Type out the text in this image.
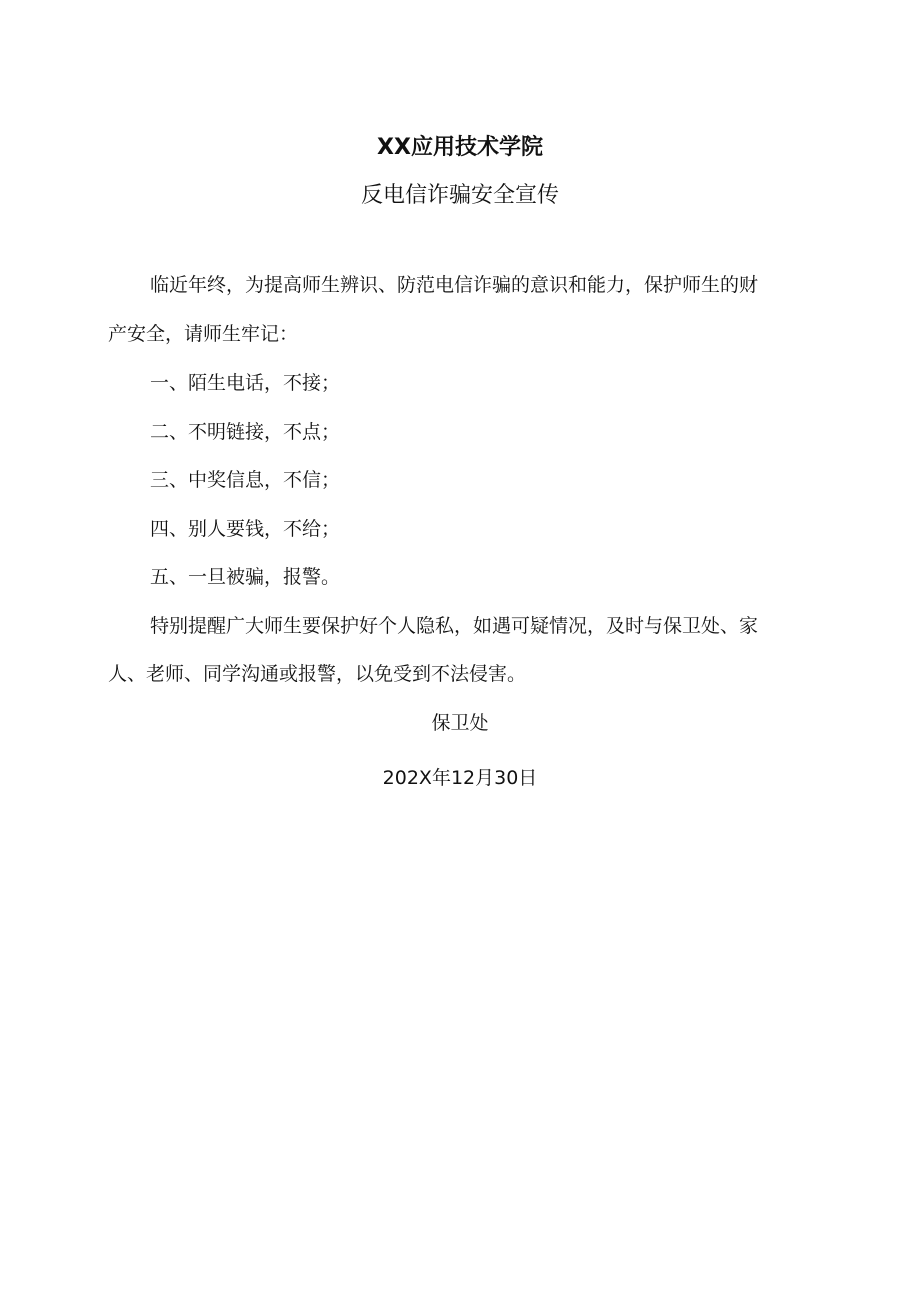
XX应用技术学院
反电信诈骗安全宣传
临近年终，为提高师生辨识、防范电信诈骗的意识和能力，保护师生的财
产安全，请师生牢记：
一、陌生电话，不接；
二、不明链接，不点；
三、中奖信息，不信；
四、别人要钱，不给；
五、一旦被骗，报警。
特别提醒广大师生要保护好个人隐私，如遇可疑情况，及时与保卫处、家
人、老师、同学沟通或报警，以免受到不法侵害。
保卫处
202X年12月30日
